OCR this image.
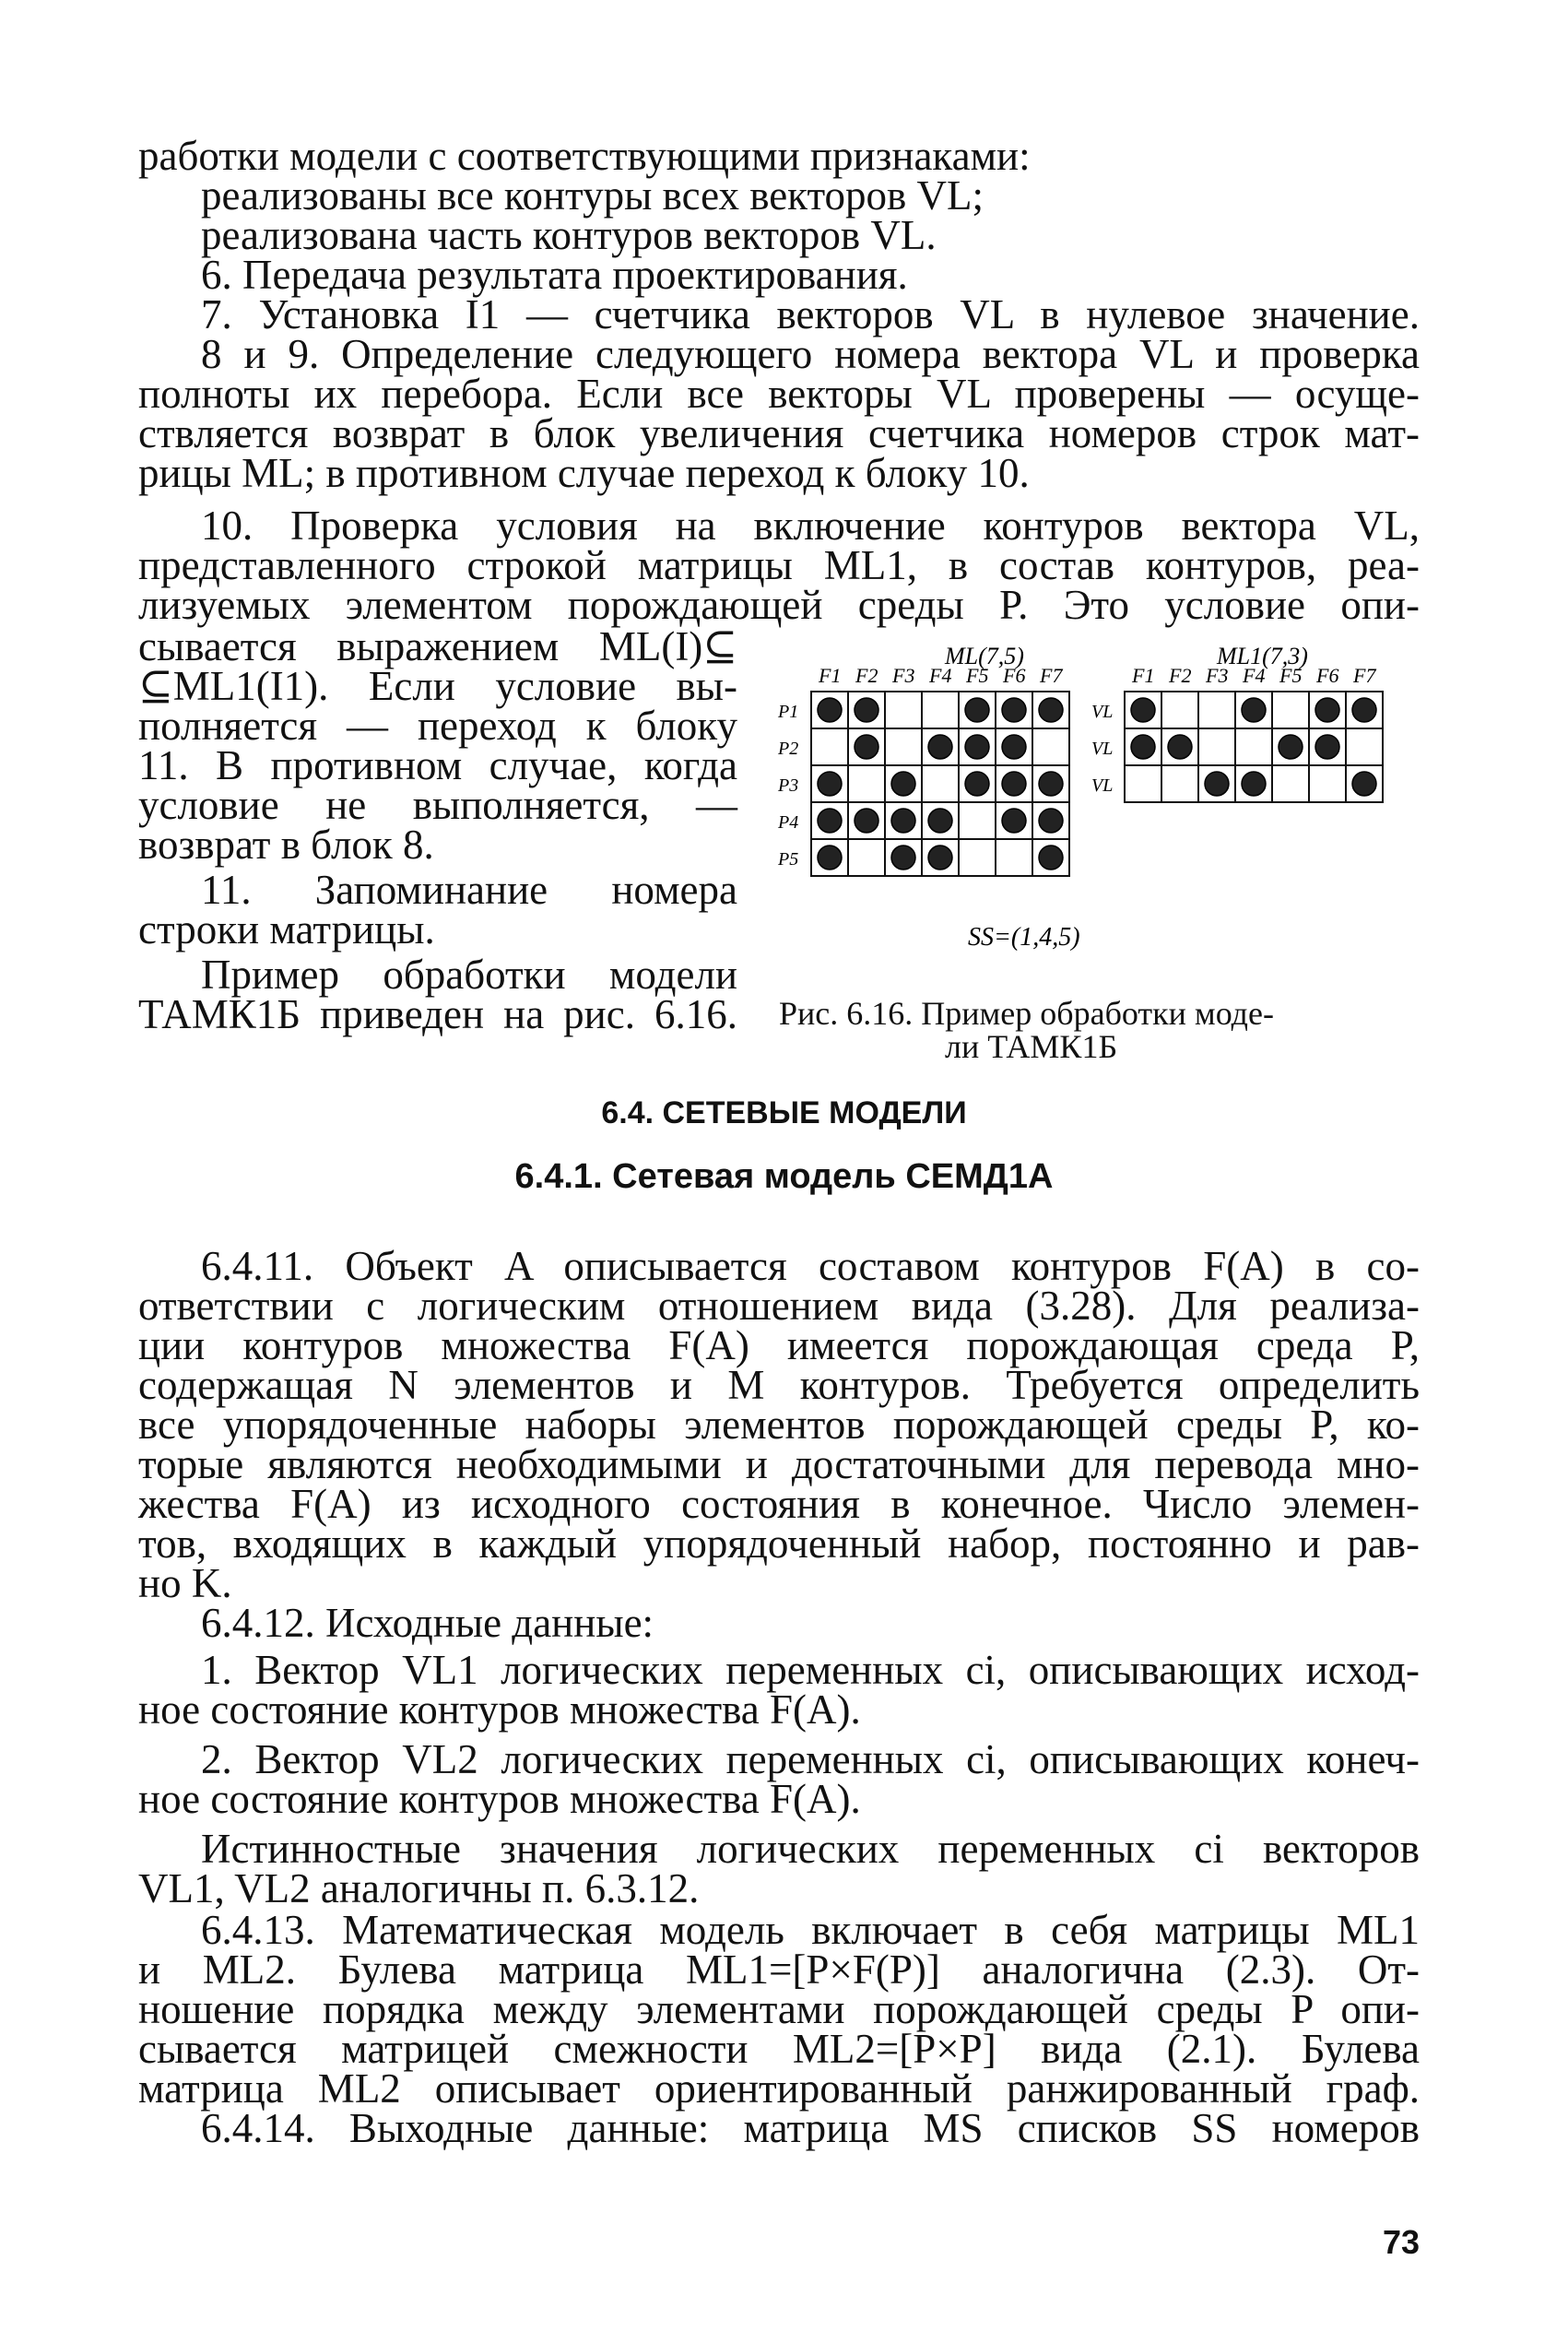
работки модели с соответствующими признаками:
реализованы все контуры всех векторов VL;
реализована часть контуров векторов VL.
6. Передача результата проектирования.
7. Установка I1 — счетчика векторов VL в нулевое значение.
8 и 9. Определение следующего номера вектора VL и проверка
полноты их перебора. Если все векторы VL проверены — осуще-
ствляется возврат в блок увеличения счетчика номеров строк мат-
рицы ML; в противном случае переход к блоку 10.
10. Проверка условия на включение контуров вектора VL,
представленного строкой матрицы ML1, в состав контуров, реа-
лизуемых элементом порождающей среды P. Это условие опи-
сывается выражением ML(I)⊆
⊆ML1(I1). Если условие вы-
полняется — переход к блоку
11. В противном случае, когда
условие не выполняется, —
возврат в блок 8.
11. Запоминание номера
строки матрицы.
Пример обработки модели
ТАМК1Б приведен на рис. 6.16.
ML(7,5)	ML1(7,3)
F1 F2 F3 F4 F5 F6 F7
P1
P2
P3
P4
P5
F1 F2 F3 F4 F5 F6 F7
VL
VL
VL
SS=(1,4,5)
Рис. 6.16. Пример обработки моде-
ли ТАМК1Б
6.4. СЕТЕВЫЕ МОДЕЛИ
6.4.1. Сетевая модель СЕМД1А
6.4.11. Объект A описывается составом контуров F(A) в со-
ответствии с логическим отношением вида (3.28). Для реализа-
ции контуров множества F(A) имеется порождающая среда P,
содержащая N элементов и M контуров. Требуется определить
все упорядоченные наборы элементов порождающей среды P, ко-
торые являются необходимыми и достаточными для перевода мно-
жества F(A) из исходного состояния в конечное. Число элемен-
тов, входящих в каждый упорядоченный набор, постоянно и рав-
но K.
6.4.12. Исходные данные:
1. Вектор VL1 логических переменных ci, описывающих исход-
ное состояние контуров множества F(A).
2. Вектор VL2 логических переменных ci, описывающих конеч-
ное состояние контуров множества F(A).
Истинностные значения логических переменных ci векторов
VL1, VL2 аналогичны п. 6.3.12.
6.4.13. Математическая модель включает в себя матрицы ML1
и ML2. Булева матрица ML1=[P×F(P)] аналогична (2.3). От-
ношение порядка между элементами порождающей среды P опи-
сывается матрицей смежности ML2=[P×P] вида (2.1). Булева
матрица ML2 описывает ориентированный ранжированный граф.
6.4.14. Выходные данные: матрица MS списков SS номеров
73
